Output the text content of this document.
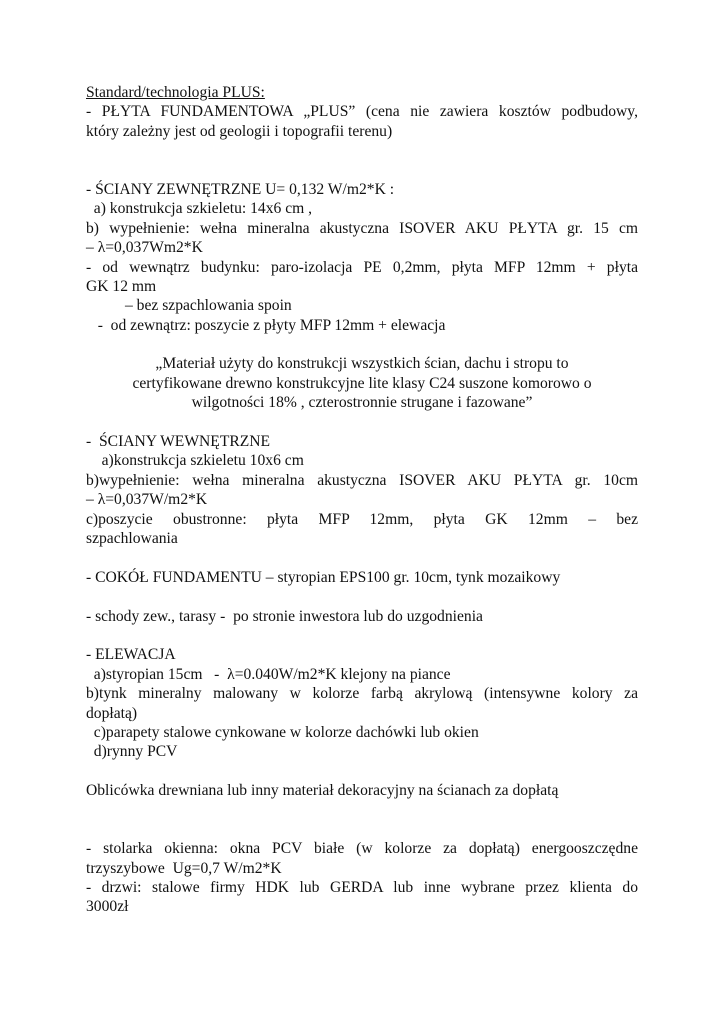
Standard/technologia PLUS:
- PŁYTA FUNDAMENTOWA „PLUS” (cena nie zawiera kosztów podbudowy,
który zależny jest od geologii i topografii terenu)
- ŚCIANY ZEWNĘTRZNE U= 0,132 W/m2*K :
a) konstrukcja szkieletu: 14x6 cm ,
b) wypełnienie: wełna mineralna akustyczna ISOVER AKU PŁYTA gr. 15 cm
– λ=0,037Wm2*K
- od wewnątrz budynku: paro-izolacja PE 0,2mm, płyta MFP 12mm + płyta
GK 12 mm
– bez szpachlowania spoin
-  od zewnątrz: poszycie z płyty MFP 12mm + elewacja
„Materiał użyty do konstrukcji wszystkich ścian, dachu i stropu to
certyfikowane drewno konstrukcyjne lite klasy C24 suszone komorowo o
wilgotności 18% , czterostronnie strugane i fazowane”
-  ŚCIANY WEWNĘTRZNE
a)konstrukcja szkieletu 10x6 cm
b)wypełnienie: wełna mineralna akustyczna ISOVER AKU PŁYTA gr. 10cm
– λ=0,037W/m2*K
c)poszycie obustronne: płyta MFP 12mm, płyta GK 12mm – bez
szpachlowania
- COKÓŁ FUNDAMENTU – styropian EPS100 gr. 10cm, tynk mozaikowy
- schody zew., tarasy -  po stronie inwestora lub do uzgodnienia
- ELEWACJA
a)styropian 15cm   -  λ=0.040W/m2*K klejony na piance
b)tynk mineralny malowany w kolorze farbą akrylową (intensywne kolory za
dopłatą)
c)parapety stalowe cynkowane w kolorze dachówki lub okien
d)rynny PCV
Oblicówka drewniana lub inny materiał dekoracyjny na ścianach za dopłatą
- stolarka okienna: okna PCV białe (w kolorze za dopłatą) energooszczędne
trzyszybowe  Ug=0,7 W/m2*K
- drzwi: stalowe firmy HDK lub GERDA lub inne wybrane przez klienta do
3000zł
